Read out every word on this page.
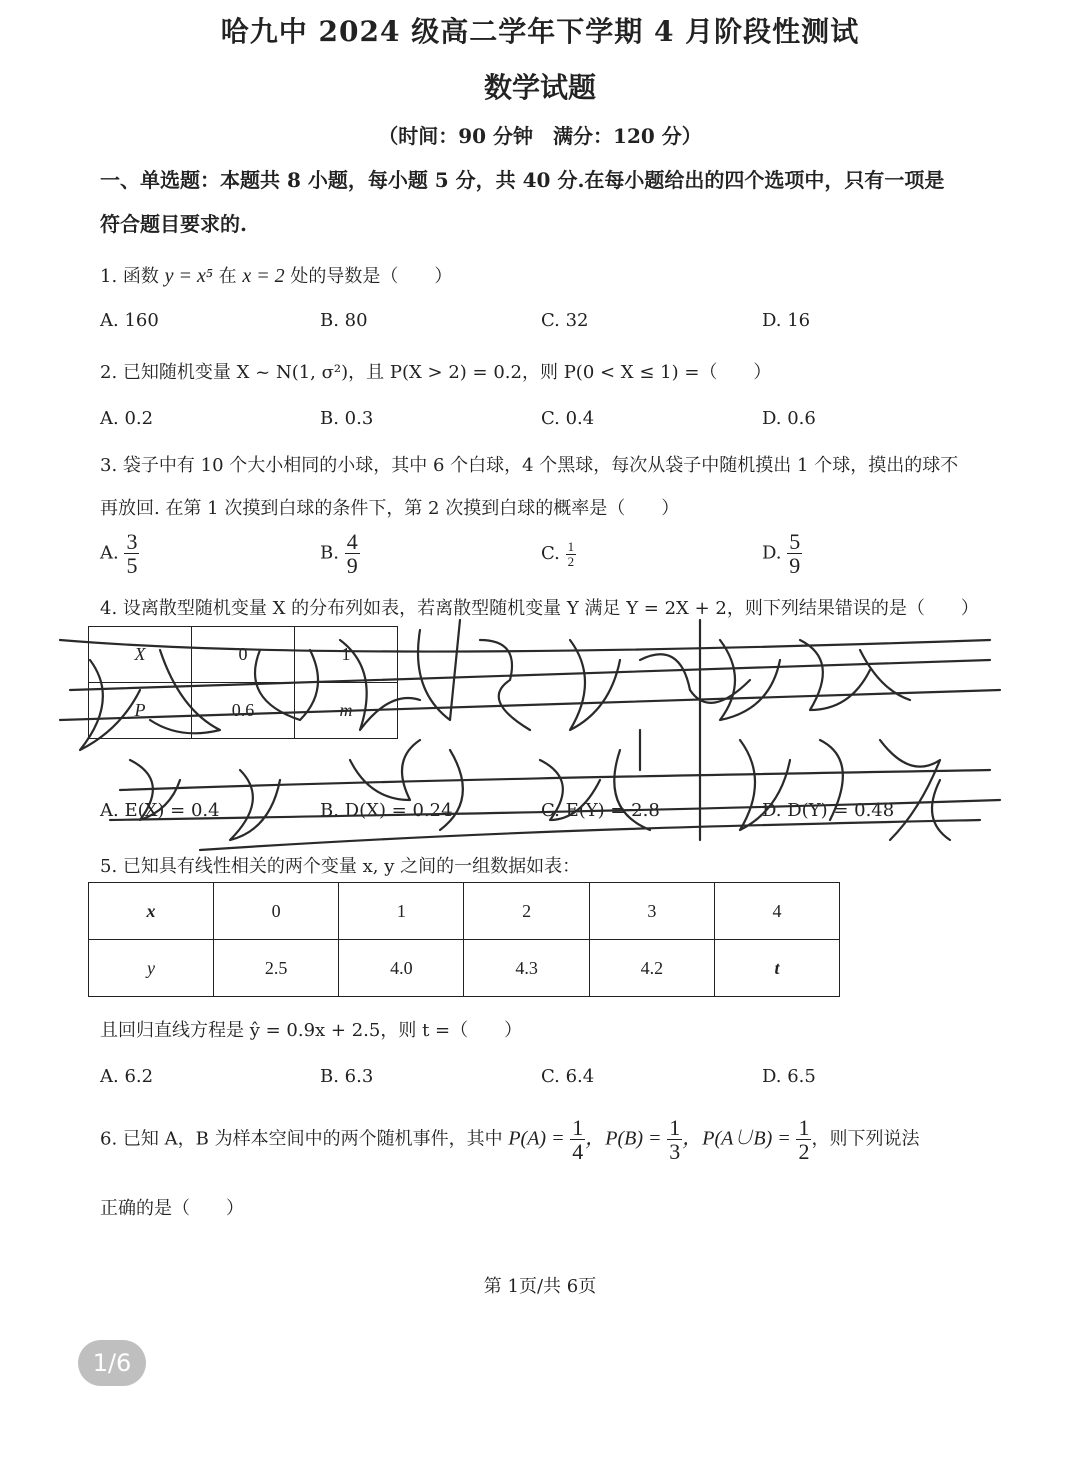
哈九中 2024 级高二学年下学期 4 月阶段性测试
数学试题
（时间：90 分钟　满分：120 分）
一、单选题：本题共 8 小题，每小题 5 分，共 40 分.在每小题给出的四个选项中，只有一项是
符合题目要求的.
1. 函数 y = x⁵ 在 x = 2 处的导数是（　　）
A. 160	B. 80	C. 32	D. 16
2. 已知随机变量 X ~ N(1, σ²)，且 P(X > 2) = 0.2，则 P(0 < X ≤ 1) =（　　）
A. 0.2	B. 0.3	C. 0.4	D. 0.6
3. 袋子中有 10 个大小相同的小球，其中 6 个白球，4 个黑球，每次从袋子中随机摸出 1 个球，摸出的球不
再放回. 在第 1 次摸到白球的条件下，第 2 次摸到白球的概率是（　　）
A. $\frac{3}{5}$	B. $\frac{4}{9}$	C. $\frac{1}{2}$	D. $\frac{5}{9}$
4. 设离散型随机变量 X 的分布列如表，若离散型随机变量 Y 满足 Y = 2X + 2，则下列结果错误的是（　　）
X	0	1
P	0.6	m
A. E(X) = 0.4	B. D(X) = 0.24	C. E(Y) = 2.8	D. D(Y) = 0.48
5. 已知具有线性相关的两个变量 x, y 之间的一组数据如表：
x	0	1	2	3	4
y	2.5	4.0	4.3	4.2	t
且回归直线方程是 ŷ = 0.9x + 2.5，则 t =（　　）
A. 6.2	B. 6.3	C. 6.4	D. 6.5
6. 已知 A，B 为样本空间中的两个随机事件，其中 $P(A) = \frac{1}{4}$ ，$P(B) = \frac{1}{3}$ ，P(A∪B) = $\frac{1}{2}$ ，则下列说法
正确的是（　　）
第 1页/共 6页
1/6
